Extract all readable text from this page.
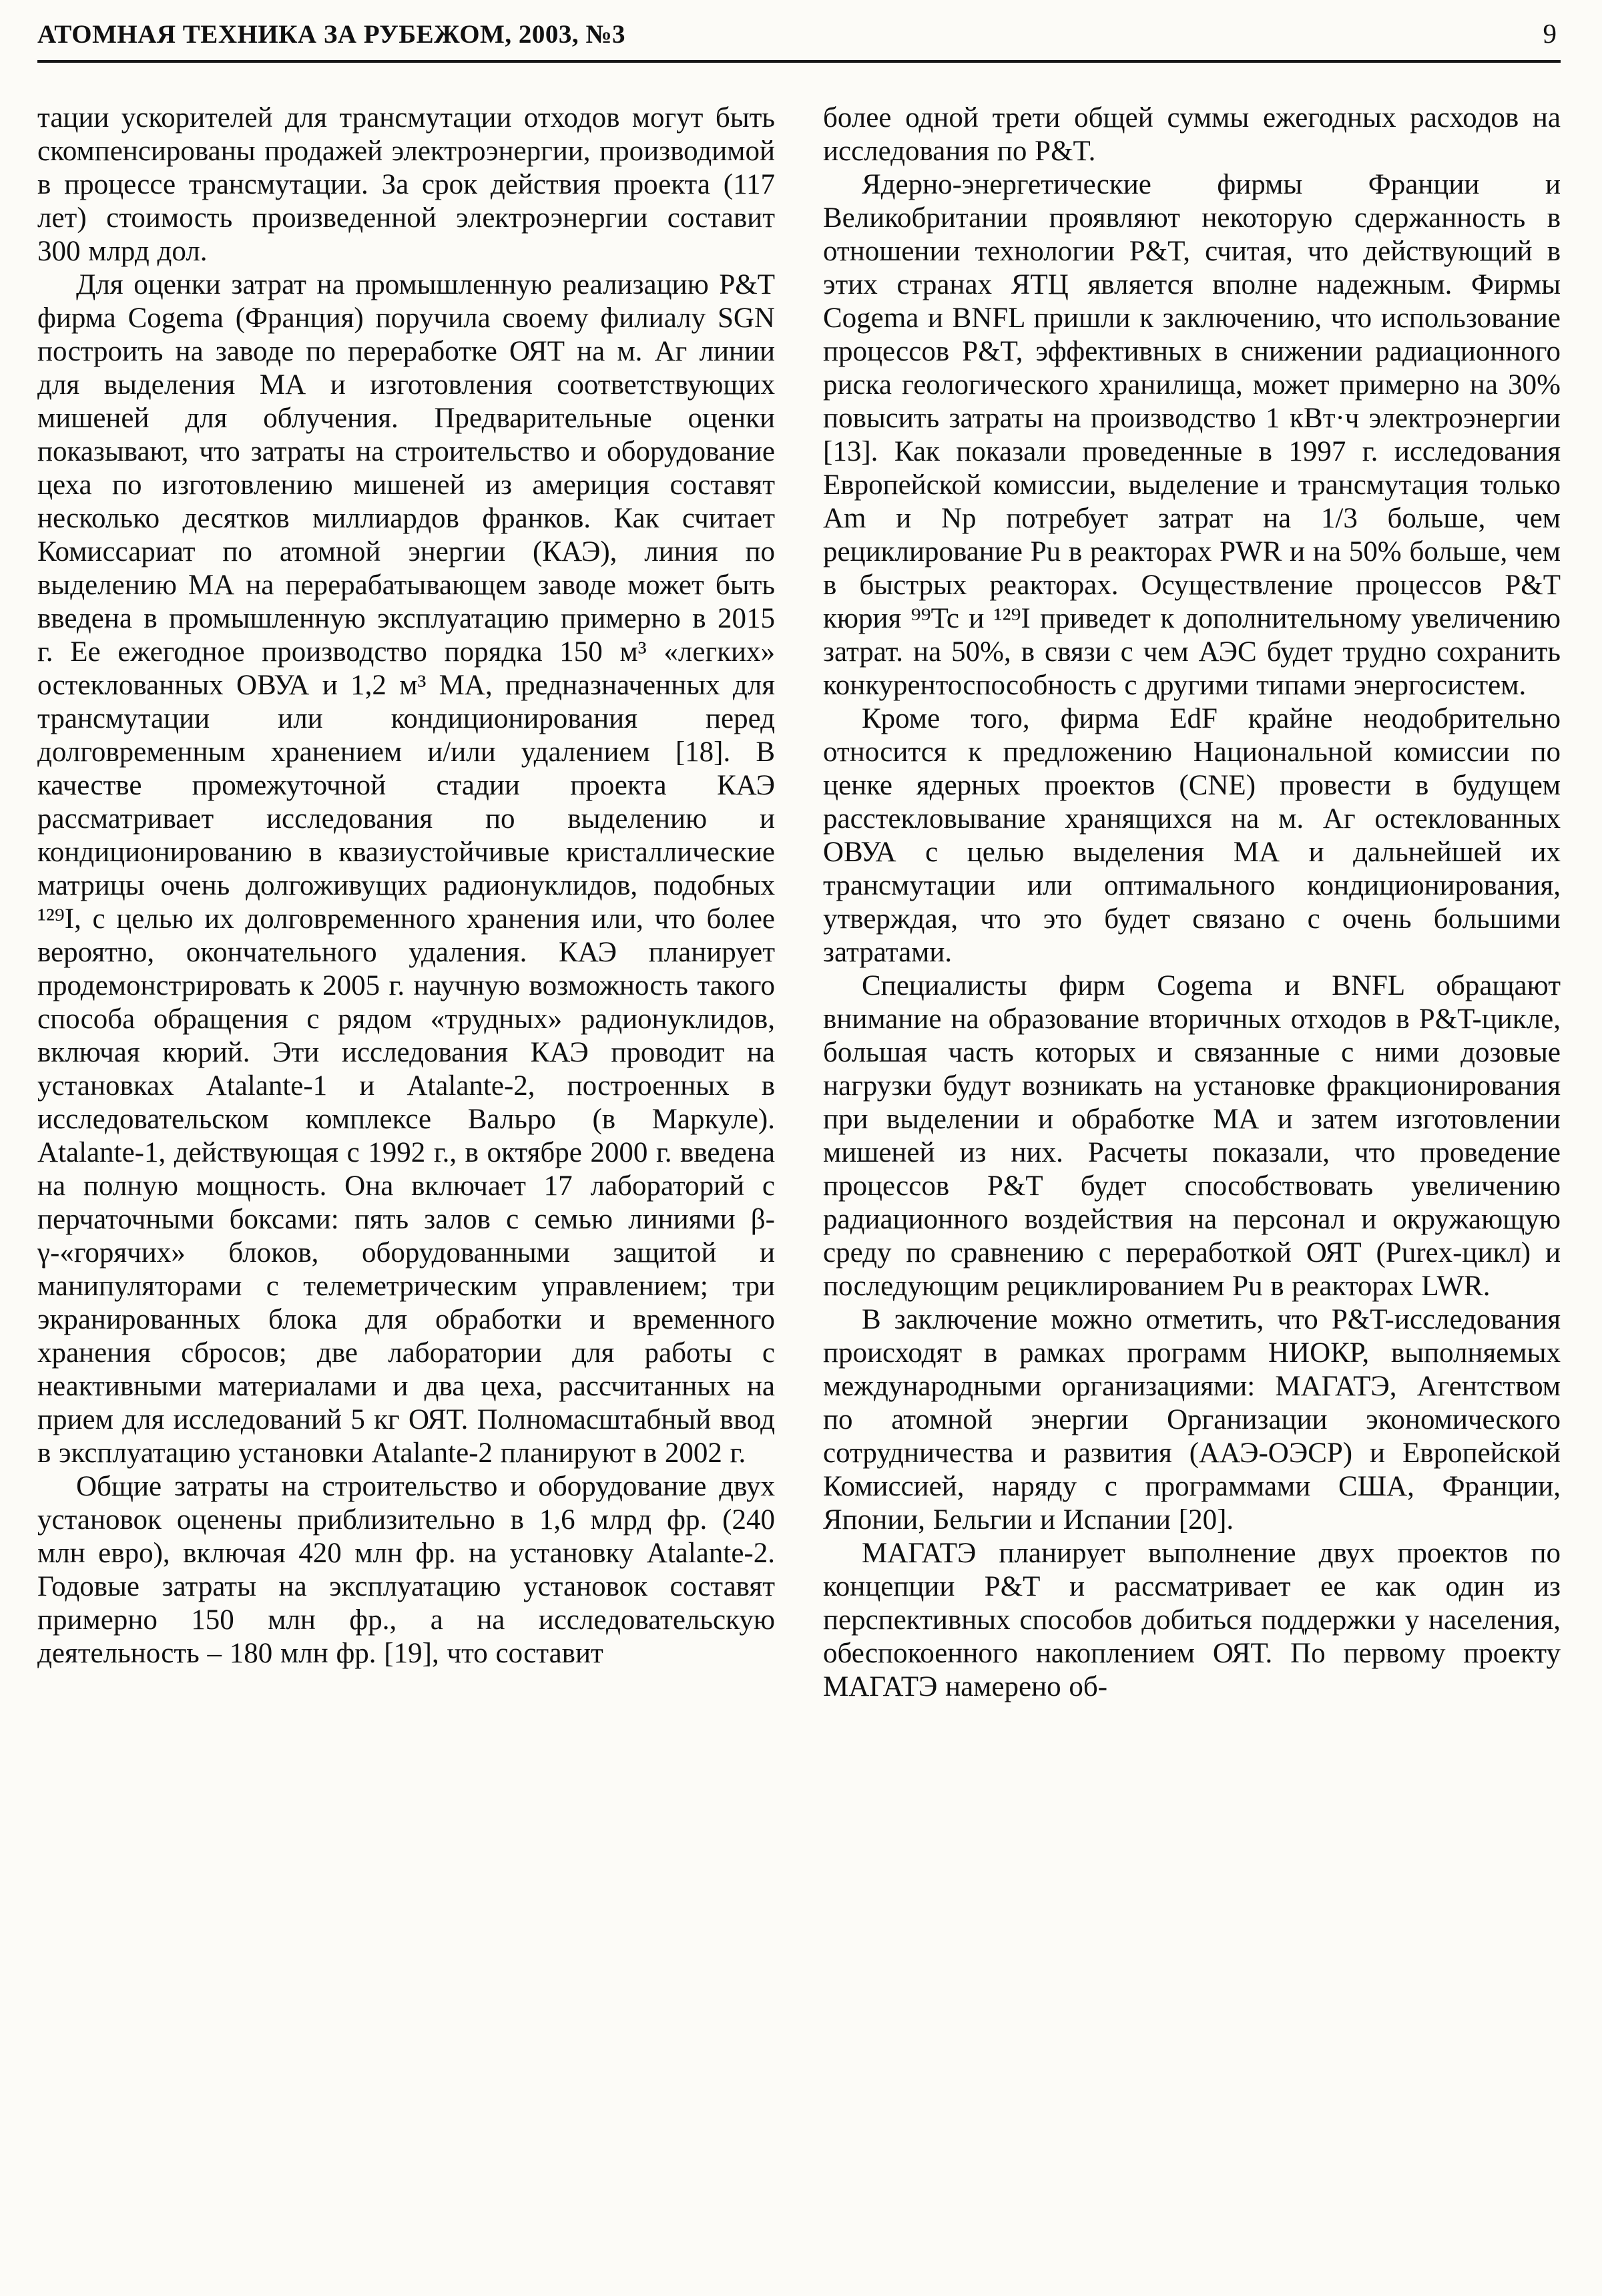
АТОМНАЯ ТЕХНИКА ЗА РУБЕЖОМ, 2003, №3	9

тации ускорителей для трансмутации отходов могут быть скомпенсированы продажей электроэнергии, производимой в процессе трансмутации. За срок действия проекта (117 лет) стоимость произведенной электроэнергии составит 300 млрд дол.

Для оценки затрат на промышленную реализацию P&T фирма Cogema (Франция) поручила своему филиалу SGN построить на заводе по переработке ОЯТ на м. Аг линии для выделения МА и изготовления соответствующих мишеней для облучения. Предварительные оценки показывают, что затраты на строительство и оборудование цеха по изготовлению мишеней из америция составят несколько десятков миллиардов франков. Как считает Комиссариат по атомной энергии (КАЭ), линия по выделению МА на перерабатывающем заводе может быть введена в промышленную эксплуатацию примерно в 2015 г. Ее ежегодное производство порядка 150 м³ «легких» остеклованных ОВУА и 1,2 м³ МА, предназначенных для трансмутации или кондиционирования перед долговременным хранением и/или удалением [18]. В качестве промежуточной стадии проекта КАЭ рассматривает исследования по выделению и кондиционированию в квазиустойчивые кристаллические матрицы очень долгоживущих радионуклидов, подобных ¹²⁹I, с целью их долговременного хранения или, что более вероятно, окончательного удаления. КАЭ планирует продемонстрировать к 2005 г. научную возможность такого способа обращения с рядом «трудных» радионуклидов, включая кюрий. Эти исследования КАЭ проводит на установках Atalante-1 и Atalante-2, построенных в исследовательском комплексе Вальро (в Маркуле). Atalante-1, действующая с 1992 г., в октябре 2000 г. введена на полную мощность. Она включает 17 лабораторий с перчаточными боксами: пять залов с семью линиями β- γ-«горячих» блоков, оборудованными защитой и манипуляторами с телеметрическим управлением; три экранированных блока для обработки и временного хранения сбросов; две лаборатории для работы с неактивными материалами и два цеха, рассчитанных на прием для исследований 5 кг ОЯТ. Полномасштабный ввод в эксплуатацию установки Atalante-2 планируют в 2002 г.

Общие затраты на строительство и оборудование двух установок оценены приблизительно в 1,6 млрд фр. (240 млн евро), включая 420 млн фр. на установку Atalante-2. Годовые затраты на эксплуатацию установок составят примерно 150 млн фр., а на исследовательскую деятельность – 180 млн фр. [19], что составит

более одной трети общей суммы ежегодных расходов на исследования по P&T.

Ядерно-энергетические фирмы Франции и Великобритании проявляют некоторую сдержанность в отношении технологии P&T, считая, что действующий в этих странах ЯТЦ является вполне надежным. Фирмы Cogema и BNFL пришли к заключению, что использование процессов P&T, эффективных в снижении радиационного риска геологического хранилища, может примерно на 30% повысить затраты на производство 1 кВт·ч электроэнергии [13]. Как показали проведенные в 1997 г. исследования Европейской комиссии, выделение и трансмутация только Am и Np потребует затрат на 1/3 больше, чем рециклирование Pu в реакторах PWR и на 50% больше, чем в быстрых реакторах. Осуществление процессов P&T кюрия ⁹⁹Tc и ¹²⁹I приведет к дополнительному увеличению затрат. на 50%, в связи с чем АЭС будет трудно сохранить конкурентоспособность с другими типами энергосистем.

Кроме того, фирма EdF крайне неодобрительно относится к предложению Национальной комиссии по ценке ядерных проектов (CNE) провести в будущем расстекловывание хранящихся на м. Аг остеклованных ОВУА с целью выделения МА и дальнейшей их трансмутации или оптимального кондиционирования, утверждая, что это будет связано с очень большими затратами.

Специалисты фирм Cogema и BNFL обращают внимание на образование вторичных отходов в P&T-цикле, большая часть которых и связанные с ними дозовые нагрузки будут возникать на установке фракционирования при выделении и обработке МА и затем изготовлении мишеней из них. Расчеты показали, что проведение процессов P&T будет способствовать увеличению радиационного воздействия на персонал и окружающую среду по сравнению с переработкой ОЯТ (Purex-цикл) и последующим рециклированием Pu в реакторах LWR.

В заключение можно отметить, что P&T-исследования происходят в рамках программ НИОКР, выполняемых международными организациями: МАГАТЭ, Агентством по атомной энергии Организации экономического сотрудничества и развития (ААЭ-ОЭСР) и Европейской Комиссией, наряду с программами США, Франции, Японии, Бельгии и Испании [20].

МАГАТЭ планирует выполнение двух проектов по концепции P&T и рассматривает ее как один из перспективных способов добиться поддержки у населения, обеспокоенного накоплением ОЯТ. По первому проекту МАГАТЭ намерено об-
